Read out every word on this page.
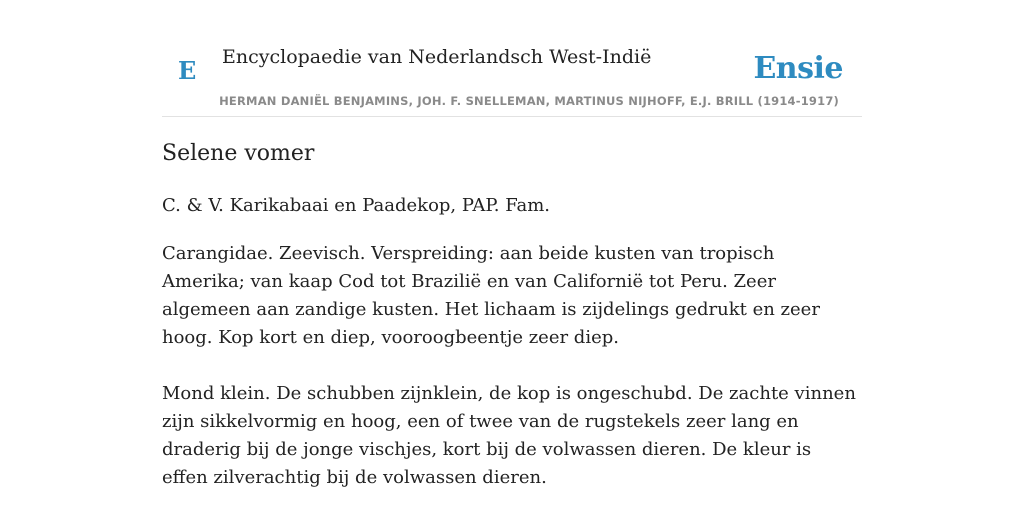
E Encyclopaedie van Nederlandsch West-Indië	Ensie
HERMAN DANIËL BENJAMINS, JOH. F. SNELLEMAN, MARTINUS NIJHOFF, E.J. BRILL (1914-1917)
Selene vomer
C. & V. Karikabaai en Paadekop, PAP. Fam.

Carangidae. Zeevisch. Verspreiding: aan beide kusten van tropisch Amerika; van kaap Cod tot Brazilië en van Californië tot Peru. Zeer algemeen aan zandige kusten. Het lichaam is zijdelings gedrukt en zeer hoog. Kop kort en diep, vooroogbeentje zeer diep.

Mond klein. De schubben zijnklein, de kop is ongeschubd. De zachte vinnen zijn sikkelvormig en hoog, een of twee van de rugstekels zeer lang en draderig bij de jonge vischjes, kort bij de volwassen dieren. De kleur is effen zilverachtig bij de volwassen dieren.
